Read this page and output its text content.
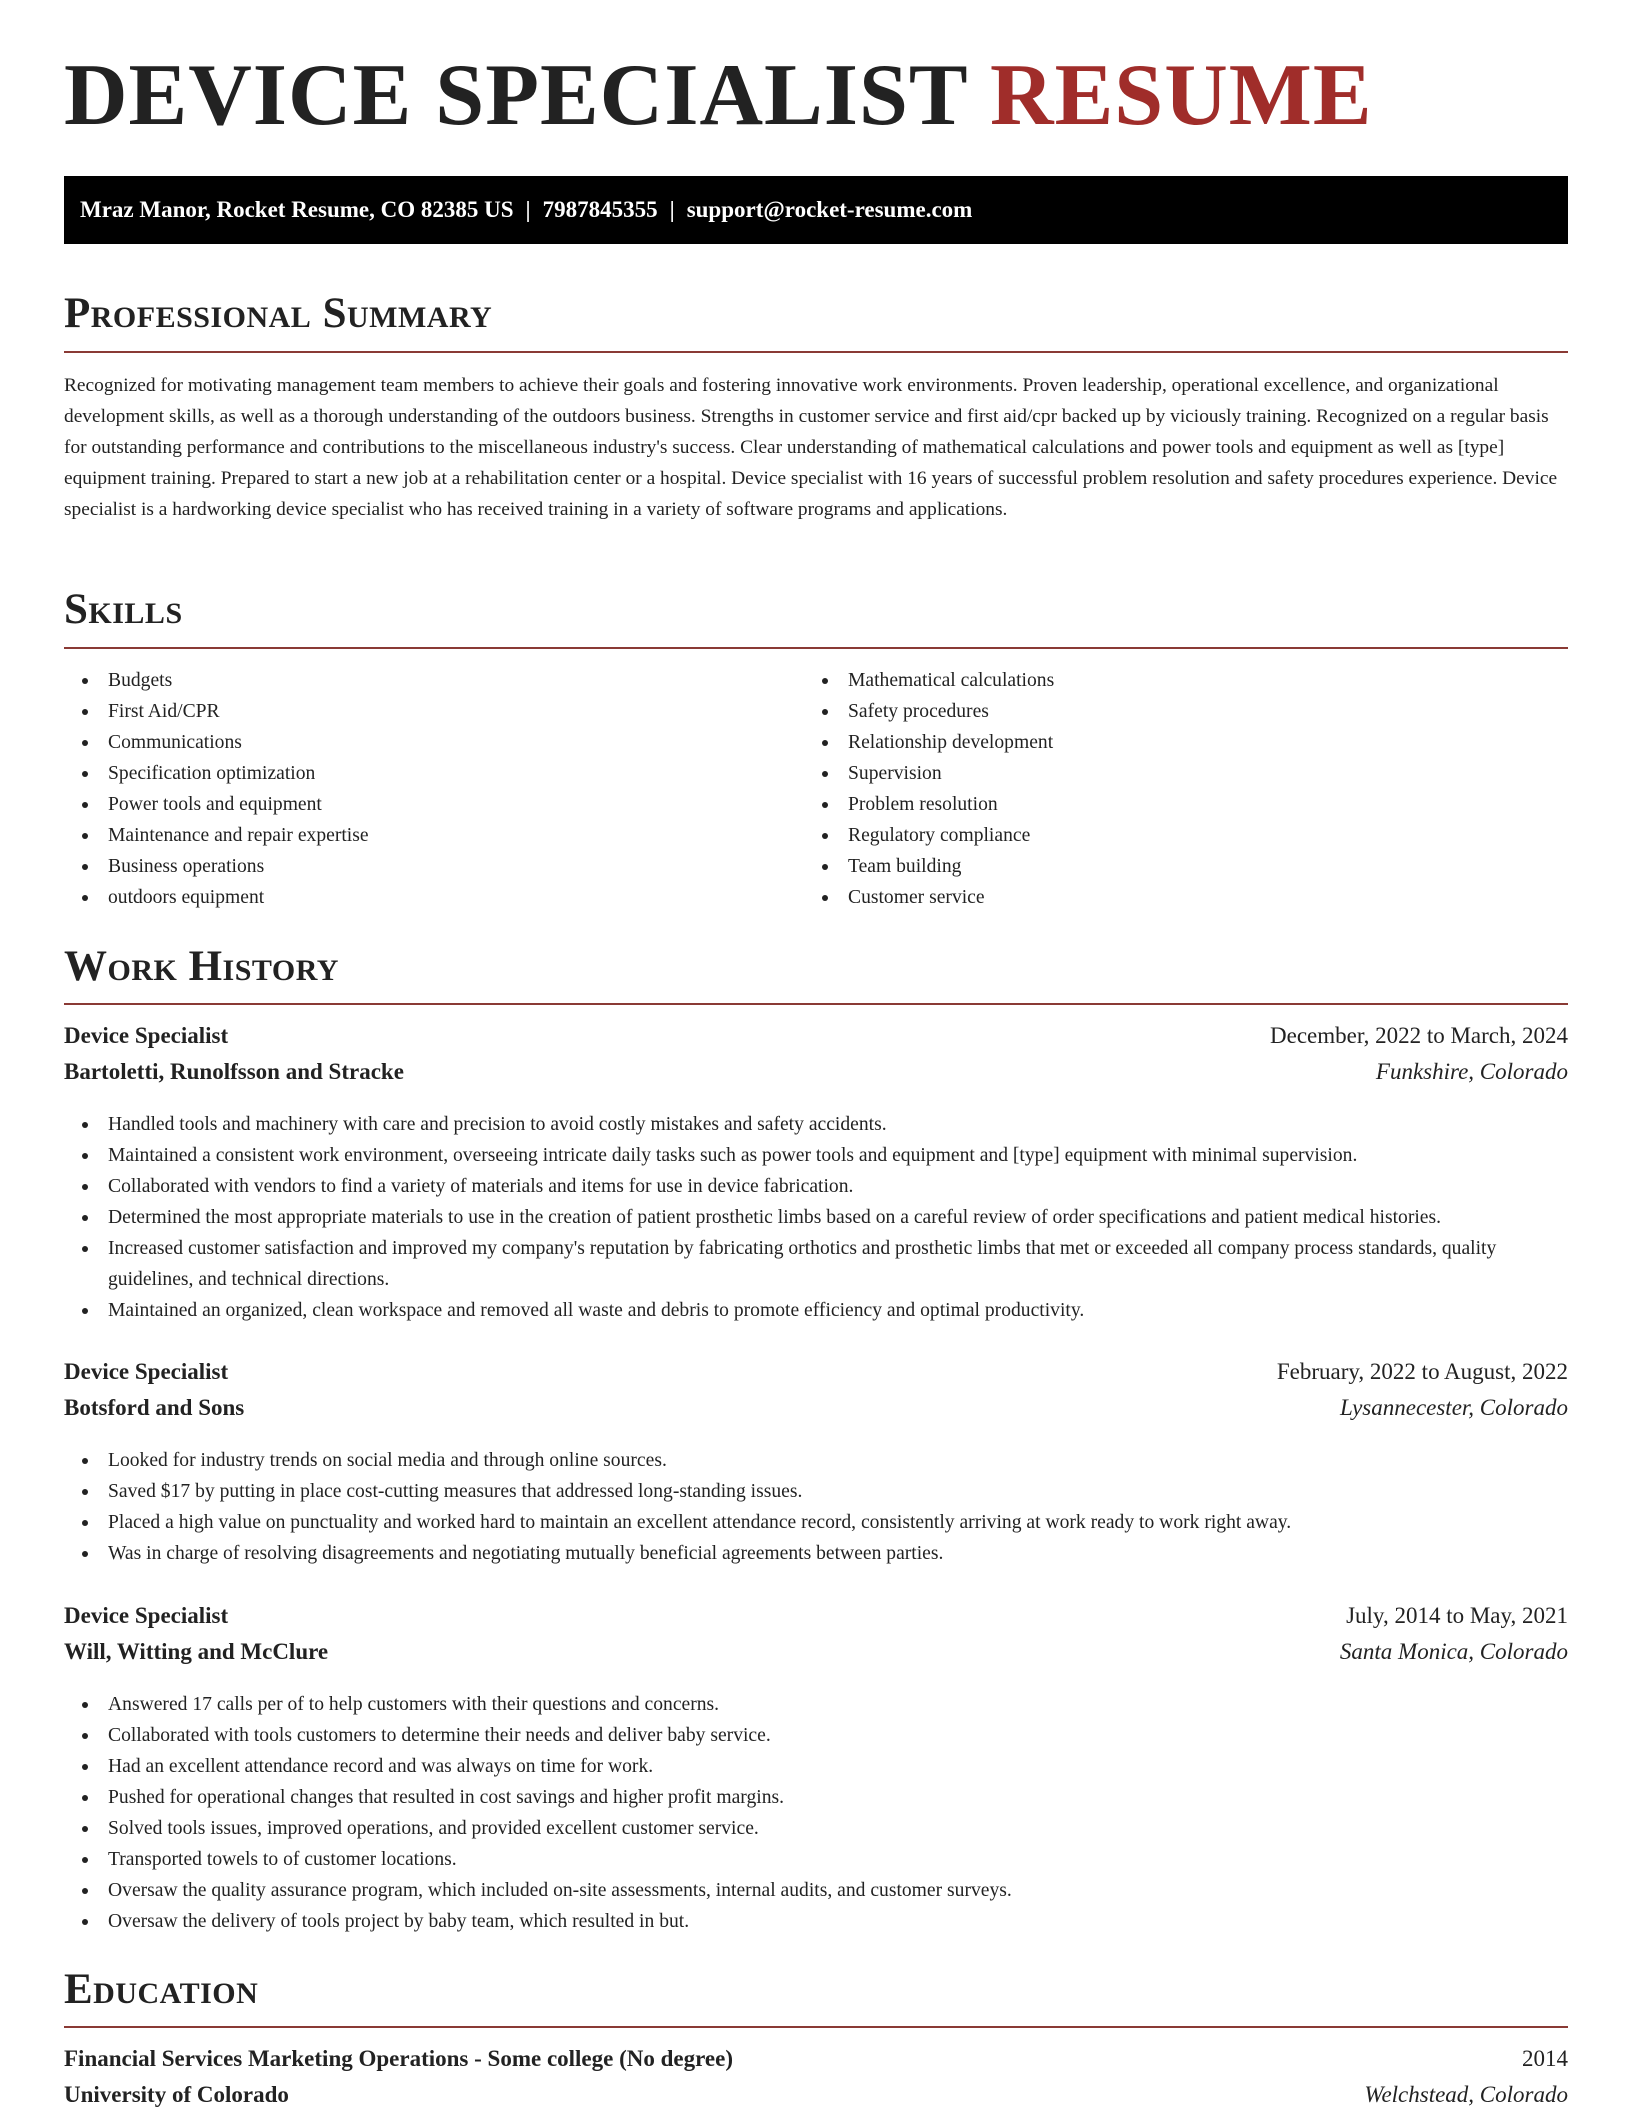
DEVICE SPECIALIST RESUME
Mraz Manor, Rocket Resume, CO 82385 US | 7987845355 | support@rocket-resume.com
Professional Summary

Recognized for motivating management team members to achieve their goals and fostering innovative work environments. Proven leadership, operational excellence, and organizational development skills, as well as a thorough understanding of the outdoors business. Strengths in customer service and first aid/cpr backed up by viciously training. Recognized on a regular basis for outstanding performance and contributions to the miscellaneous industry's success. Clear understanding of mathematical calculations and power tools and equipment as well as [type] equipment training. Prepared to start a new job at a rehabilitation center or a hospital. Device specialist with 16 years of successful problem resolution and safety procedures experience. Device specialist is a hardworking device specialist who has received training in a variety of software programs and applications.

Skills
Budgets
First Aid/CPR
Communications
Specification optimization
Power tools and equipment
Maintenance and repair expertise
Business operations
outdoors equipment
Mathematical calculations
Safety procedures
Relationship development
Supervision
Problem resolution
Regulatory compliance
Team building
Customer service
Work History
Device Specialist	December, 2022 to March, 2024
Bartoletti, Runolfsson and Stracke	Funkshire, Colorado
Handled tools and machinery with care and precision to avoid costly mistakes and safety accidents.
Maintained a consistent work environment, overseeing intricate daily tasks such as power tools and equipment and [type] equipment with minimal supervision.
Collaborated with vendors to find a variety of materials and items for use in device fabrication.
Determined the most appropriate materials to use in the creation of patient prosthetic limbs based on a careful review of order specifications and patient medical histories.
Increased customer satisfaction and improved my company's reputation by fabricating orthotics and prosthetic limbs that met or exceeded all company process standards, quality guidelines, and technical directions.
Maintained an organized, clean workspace and removed all waste and debris to promote efficiency and optimal productivity.
Device Specialist	February, 2022 to August, 2022
Botsford and Sons	Lysannecester, Colorado
Looked for industry trends on social media and through online sources.
Saved $17 by putting in place cost-cutting measures that addressed long-standing issues.
Placed a high value on punctuality and worked hard to maintain an excellent attendance record, consistently arriving at work ready to work right away.
Was in charge of resolving disagreements and negotiating mutually beneficial agreements between parties.
Device Specialist	July, 2014 to May, 2021
Will, Witting and McClure	Santa Monica, Colorado
Answered 17 calls per of to help customers with their questions and concerns.
Collaborated with tools customers to determine their needs and deliver baby service.
Had an excellent attendance record and was always on time for work.
Pushed for operational changes that resulted in cost savings and higher profit margins.
Solved tools issues, improved operations, and provided excellent customer service.
Transported towels to of customer locations.
Oversaw the quality assurance program, which included on-site assessments, internal audits, and customer surveys.
Oversaw the delivery of tools project by baby team, which resulted in but.
Education
Financial Services Marketing Operations - Some college (No degree)	2014
University of Colorado	Welchstead, Colorado
